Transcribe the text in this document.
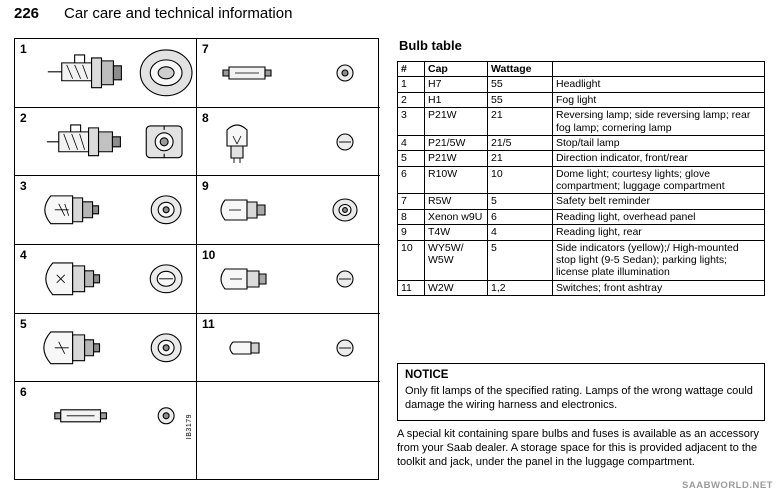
226 Car care and technical information
1
2
3
4
5
6
IB3179
7
8
9
10
11
Bulb table
#	Cap	Wattage	
1	H7	55	Headlight
2	H1	55	Fog light
3	P21W	21	Reversing lamp; side reversing lamp; rear fog lamp; cornering lamp
4	P21/5W	21/5	Stop/tail lamp
5	P21W	21	Direction indicator, front/rear
6	R10W	10	Dome light; courtesy lights; glove compartment; luggage compartment
7	R5W	5	Safety belt reminder
8	Xenon w9U	6	Reading light, overhead panel
9	T4W	4	Reading light, rear
10	WY5W/ W5W	5	Side indicators (yellow);/ High-mounted stop light (9-5 Sedan); parking lights; license plate illumination
11	W2W	1,2	Switches; front ashtray
NOTICE
Only fit lamps of the specified rating. Lamps of the wrong wattage could damage the wiring harness and electronics.
A special kit containing spare bulbs and fuses is available as an accessory from your Saab dealer. A storage space for this is provided adjacent to the toolkit and jack, under the panel in the luggage compartment.
SAABWORLD.NET
